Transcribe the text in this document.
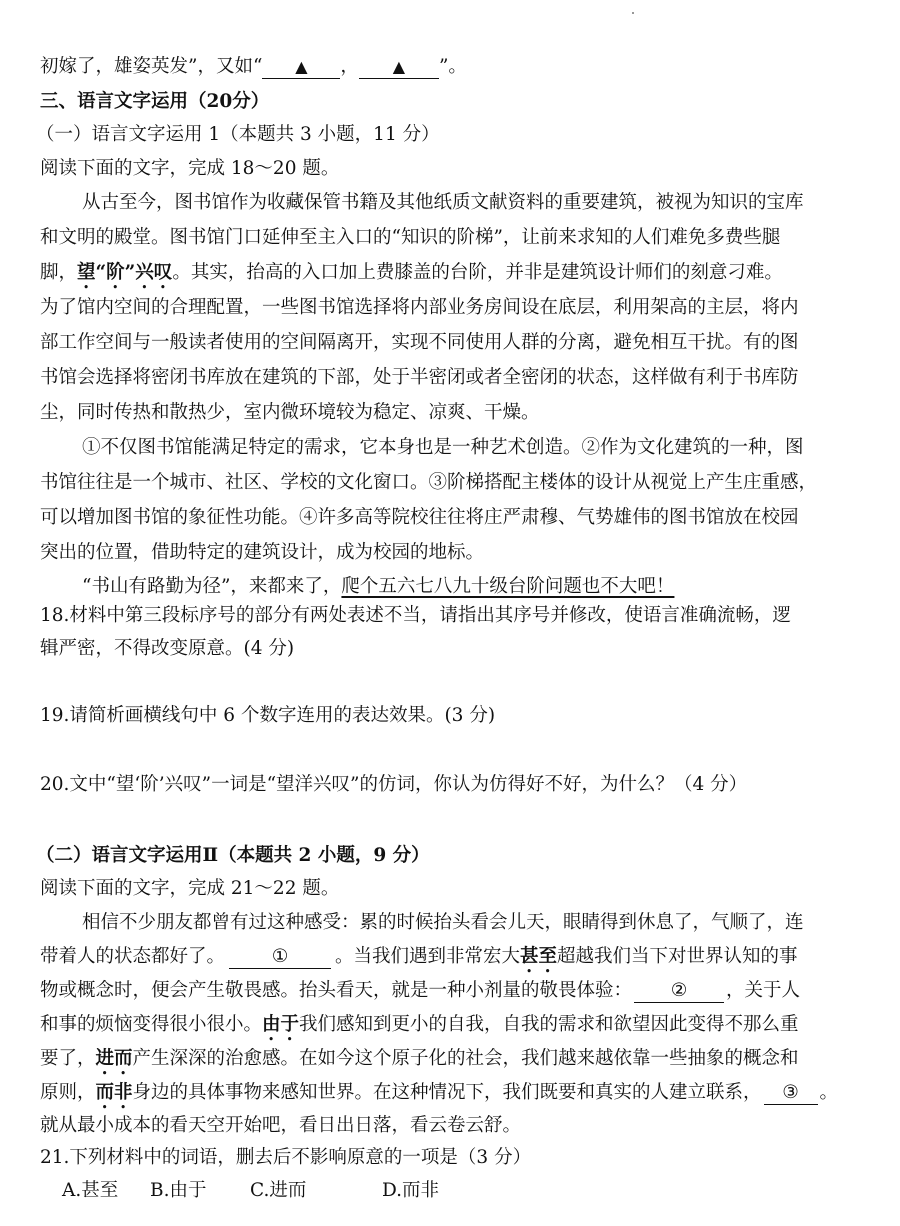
初嫁了，雄姿英发”，又如“ ▲ ， ▲ ”。
三、语言文字运用（20分）
（一）语言文字运用 1（本题共 3 小题，11 分）
阅读下面的文字，完成 18～20 题。
从古至今，图书馆作为收藏保管书籍及其他纸质文献资料的重要建筑，被视为知识的宝库
和文明的殿堂。图书馆门口延伸至主入口的“知识的阶梯”，让前来求知的人们难免多费些腿
脚，望“阶”兴叹。其实，抬高的入口加上费膝盖的台阶，并非是建筑设计师们的刻意刁难。
为了馆内空间的合理配置，一些图书馆选择将内部业务房间设在底层，利用架高的主层，将内
部工作空间与一般读者使用的空间隔离开，实现不同使用人群的分离，避免相互干扰。有的图
书馆会选择将密闭书库放在建筑的下部，处于半密闭或者全密闭的状态，这样做有利于书库防
尘，同时传热和散热少，室内微环境较为稳定、凉爽、干燥。
①不仅图书馆能满足特定的需求，它本身也是一种艺术创造。②作为文化建筑的一种，图
书馆往往是一个城市、社区、学校的文化窗口。③阶梯搭配主楼体的设计从视觉上产生庄重感，
可以增加图书馆的象征性功能。④许多高等院校往往将庄严肃穆、气势雄伟的图书馆放在校园
突出的位置，借助特定的建筑设计，成为校园的地标。
“书山有路勤为径”，来都来了，爬个五六七八九十级台阶问题也不大吧！
18.材料中第三段标序号的部分有两处表述不当，请指出其序号并修改，使语言准确流畅，逻
辑严密，不得改变原意。(4 分)
19.请简析画横线句中 6 个数字连用的表达效果。(3 分)
20.文中“望‘阶’兴叹”一词是“望洋兴叹”的仿词，你认为仿得好不好，为什么？（4 分）
（二）语言文字运用Ⅱ（本题共 2 小题，9 分）
阅读下面的文字，完成 21～22 题。
相信不少朋友都曾有过这种感受：累的时候抬头看会儿天，眼睛得到休息了，气顺了，连
带着人的状态都好了。	①	。当我们遇到非常宏大甚至超越我们当下对世界认知的事
物或概念时，便会产生敬畏感。抬头看天，就是一种小剂量的敬畏体验： ② ，关于人
和事的烦恼变得很小很小。由于我们感知到更小的自我，自我的需求和欲望因此变得不那么重
要了，进而产生深深的治愈感。在如今这个原子化的社会，我们越来越依靠一些抽象的概念和
原则，而非身边的具体事物来感知世界。在这种情况下，我们既要和真实的人建立联系， ③ 。
就从最小成本的看天空开始吧，看日出日落，看云卷云舒。
21.下列材料中的词语，删去后不影响原意的一项是（3 分）
A.甚至 B.由于 C.进而	D.而非
